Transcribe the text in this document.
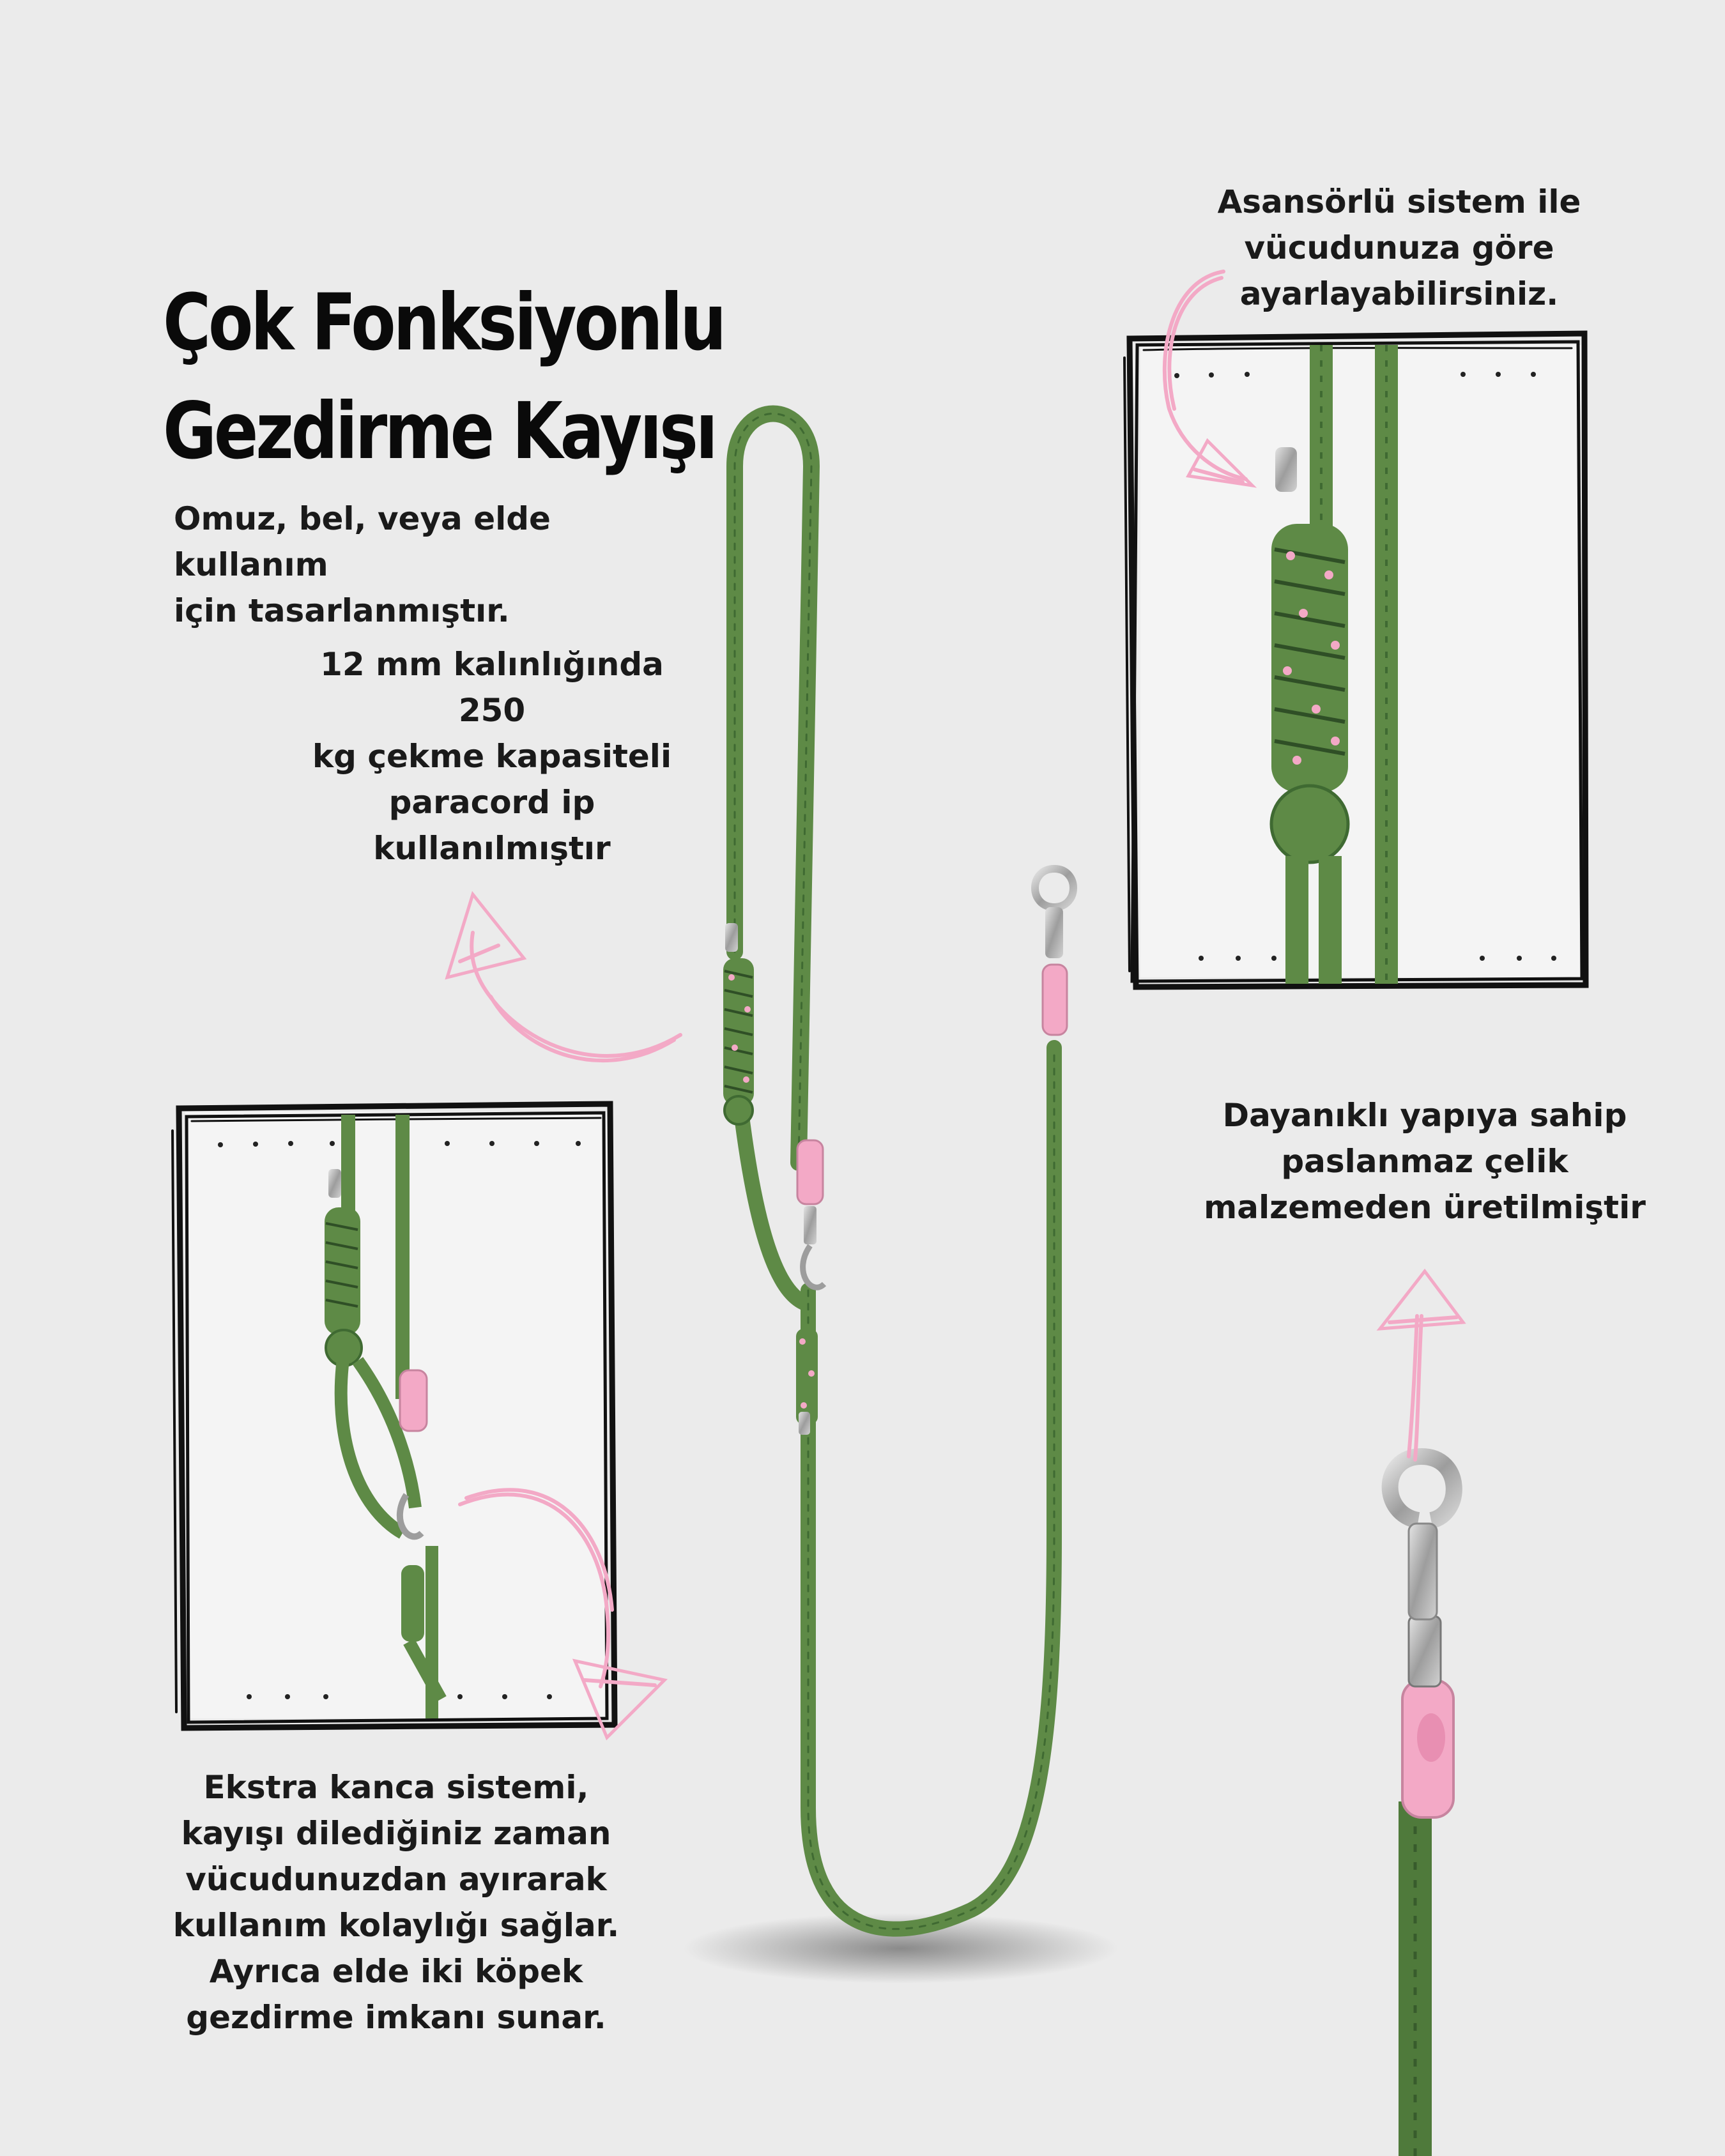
Çok Fonksiyonlu
Gezdirme Kayışı
Omuz, bel, veya elde kullanım
için tasarlanmıştır.
12 mm kalınlığında 250
kg çekme kapasiteli
paracord ip
kullanılmıştır
Asansörlü sistem ile
vücudunuza göre
ayarlayabilirsiniz.
Dayanıklı yapıya sahip
paslanmaz çelik
malzemeden üretilmiştir
Ekstra kanca sistemi,
kayışı dilediğiniz zaman
vücudunuzdan ayırarak
kullanım kolaylığı sağlar.
Ayrıca elde iki köpek
gezdirme imkanı sunar.
